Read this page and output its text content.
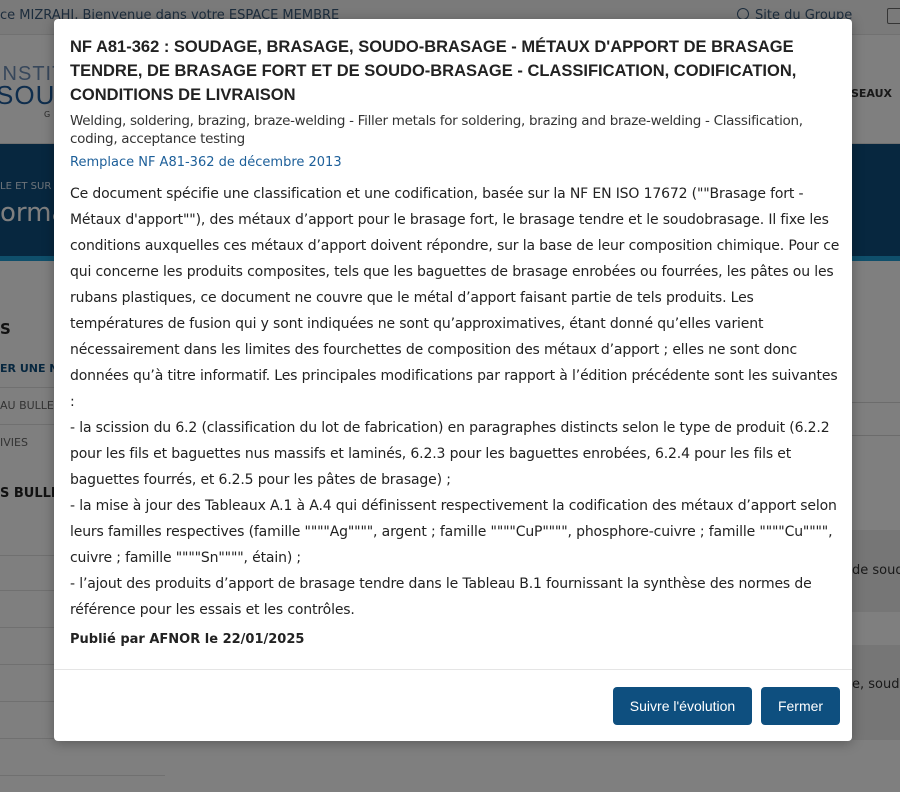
NF A81-362 : SOUDAGE, BRASAGE, SOUDO-BRASAGE - MÉTAUX D'APPORT DE BRASAGE TENDRE, DE BRASAGE FORT ET DE SOUDO-BRASAGE - CLASSIFICATION, CODIFICATION, CONDITIONS DE LIVRAISON
Welding, soldering, brazing, braze-welding - Filler metals for soldering, brazing and braze-welding - Classification, coding, acceptance testing
Remplace NF A81-362 de décembre 2013

Ce document spécifie une classification et une codification, basée sur la NF EN ISO 17672 (""Brasage fort - Métaux d'apport""), des métaux d’apport pour le brasage fort, le brasage tendre et le soudobrasage. Il fixe les conditions auxquelles ces métaux d’apport doivent répondre, sur la base de leur composition chimique. Pour ce qui concerne les produits composites, tels que les baguettes de brasage enrobées ou fourrées, les pâtes ou les rubans plastiques, ce document ne couvre que le métal d’apport faisant partie de tels produits. Les températures de fusion qui y sont indiquées ne sont qu’approximatives, étant donné qu’elles varient nécessairement dans les limites des fourchettes de composition des métaux d’apport ; elles ne sont donc données qu’à titre informatif. Les principales modifications par rapport à l’édition précédente sont les suivantes :

- la scission du 6.2 (classification du lot de fabrication) en paragraphes distincts selon le type de produit (6.2.2 pour les fils et baguettes nus massifs et laminés, 6.2.3 pour les baguettes enrobées, 6.2.4 pour les fils et baguettes fourrés, et 6.2.5 pour les pâtes de brasage) ;

- la mise à jour des Tableaux A.1 à A.4 qui définissent respectivement la codification des métaux d’apport selon leurs familles respectives (famille """"Ag"""", argent ; famille """"CuP"""", phosphore-cuivre ; famille """"Cu"""", cuivre ; famille """"Sn"""", étain) ;

- l’ajout des produits d’apport de brasage tendre dans le Tableau B.1 fournissant la synthèse des normes de référence pour les essais et les contrôles.

Publié par AFNOR le 22/01/2025
Suivre l'évolution	Fermer
